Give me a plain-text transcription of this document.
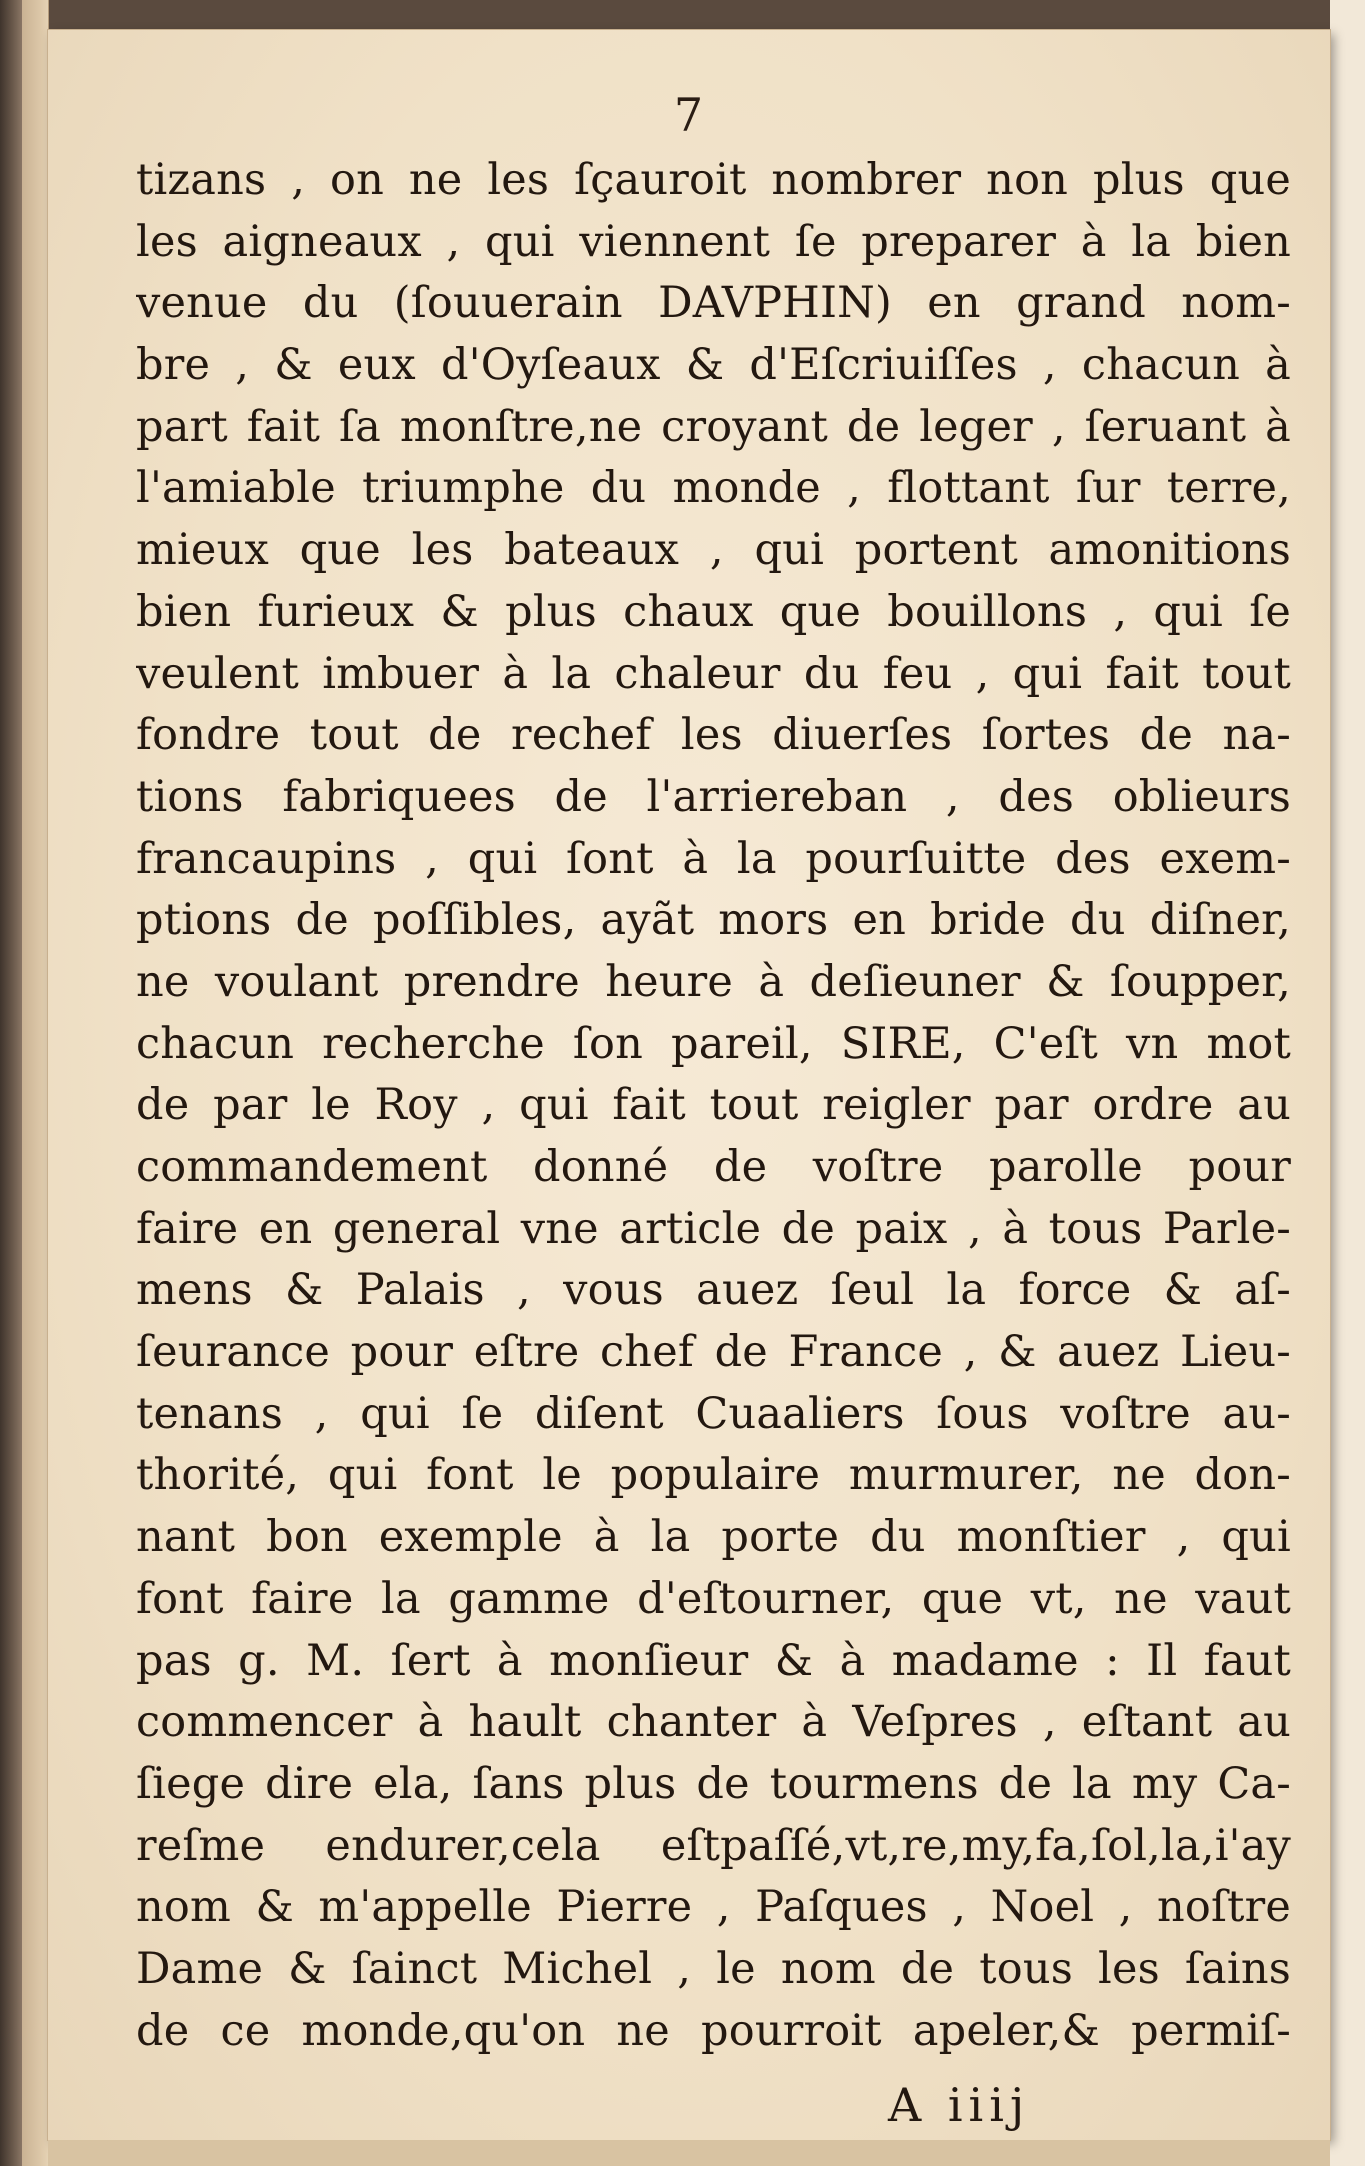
7
tizans , on ne les ſçauroit nombrer non plus que
les aigneaux , qui viennent ſe preparer à la bien
venue du (ſouuerain DAVPHIN) en grand nom-
bre , & eux d'Oyſeaux & d'Eſcriuiſſes , chacun à
part fait ſa monſtre,ne croyant de leger , ſeruant à
l'amiable triumphe du monde , flottant ſur terre,
mieux que les bateaux , qui portent amonitions
bien furieux & plus chaux que bouillons , qui ſe
veulent imbuer à la chaleur du feu , qui fait tout
fondre tout de rechef les diuerſes ſortes de na-
tions fabriquees de l'arriereban , des oblieurs
francaupins , qui ſont à la pourſuitte des exem-
ptions de poſſibles, ayãt mors en bride du diſner,
ne voulant prendre heure à deſieuner & ſoupper,
chacun recherche ſon pareil, SIRE, C'eſt vn mot
de par le Roy , qui fait tout reigler par ordre au
commandement donné de voſtre parolle pour
faire en general vne article de paix , à tous Parle-
mens & Palais , vous auez ſeul la force & aſ-
ſeurance pour eſtre chef de France , & auez Lieu-
tenans , qui ſe diſent Cuaaliers ſous voſtre au-
thorité, qui font le populaire murmurer, ne don-
nant bon exemple à la porte du monſtier , qui
font faire la gamme d'eſtourner, que vt, ne vaut
pas g. M. ſert à monſieur & à madame : Il faut
commencer à hault chanter à Veſpres , eſtant au
ſiege dire ela, ſans plus de tourmens de la my Ca-
reſme endurer,cela eſtpaſſé,vt,re,my,fa,ſol,la,i'ay
nom & m'appelle Pierre , Paſques , Noel , noſtre
Dame & ſainct Michel , le nom de tous les ſains
de ce monde,qu'on ne pourroit apeler,& permiſ-
A iiij
